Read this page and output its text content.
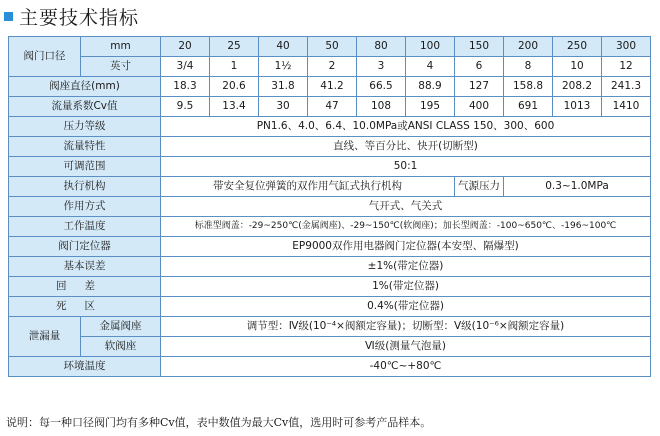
主要技术指标
阀门口径	mm	20	25	40	50	80	100	150	200	250	300
	英寸	3/4	1	1½	2	3	4	6	8	10	12
阀座直径(mm)		18.3	20.6	31.8	41.2	66.5	88.9	127	158.8	208.2	241.3
流量系数Cv值		9.5	13.4	30	47	108	195	400	691	1013	1410
压力等级		PN1.6、4.0、6.4、10.0MPa或ANSI CLASS 150、300、600									
流量特性		直线、等百分比、快开(切断型)									
可调范围		50:1									
执行机构		带安全复位弹簧的双作用气缸式执行机构						气源压力	0.3~1.0MPa		
作用方式		气开式、气关式									
工作温度		标准型阀盖：-29~250℃(金属阀座)、-29~150℃(软阀座)；加长型阀盖：-100~650℃、-196~100℃									
阀门定位器		EP9000双作用电器阀门定位器(本安型、隔爆型)									
基本误差		±1%(带定位器)									
回差		1%(带定位器)									
死区		0.4%(带定位器)									
泄漏量	金属阀座	调节型：Ⅳ级(10⁻⁴×阀额定容量)；切断型：Ⅴ级(10⁻⁶×阀额定容量)									
	软阀座	Ⅵ级(测量气泡量)									
环境温度		-40℃~+80℃									
说明：每一种口径阀门均有多种Cv值，表中数值为最大Cv值，选用时可参考产品样本。
